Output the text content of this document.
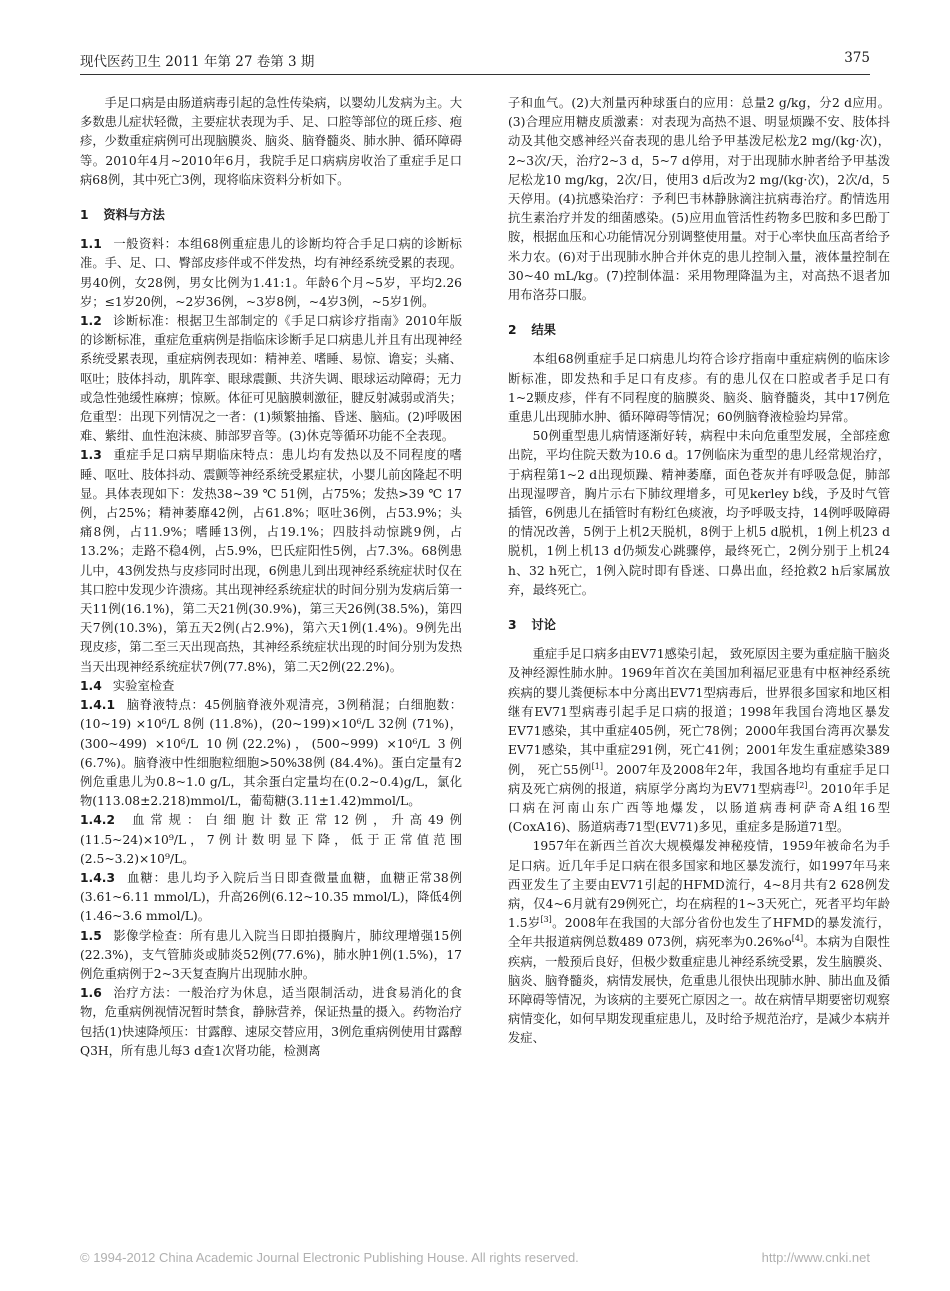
现代医药卫生 2011 年第 27 卷第 3 期	375

手足口病是由肠道病毒引起的急性传染病，以婴幼儿发病为主。大多数患儿症状轻微，主要症状表现为手、足、口腔等部位的斑丘疹、疱疹，少数重症病例可出现脑膜炎、脑炎、脑脊髓炎、肺水肿、循环障碍等。2010年4月~2010年6月，我院手足口病病房收治了重症手足口病68例，其中死亡3例，现将临床资料分析如下。

1 资料与方法

1.1 一般资料：本组68例重症患儿的诊断均符合手足口病的诊断标准。手、足、口、臀部皮疹伴或不伴发热，均有神经系统受累的表现。男40例，女28例，男女比例为1.41:1。年龄6个月~5岁，平均2.26岁；≤1岁20例，~2岁36例，~3岁8例，~4岁3例，~5岁1例。

1.2 诊断标准：根据卫生部制定的《手足口病诊疗指南》2010年版的诊断标准，重症危重病例是指临床诊断手足口病患儿并且有出现神经系统受累表现，重症病例表现如：精神差、嗜睡、易惊、谵妄；头痛、呕吐；肢体抖动，肌阵挛、眼球震颤、共济失调、眼球运动障碍；无力或急性弛缓性麻痹；惊厥。体征可见脑膜刺激征，腱反射减弱或消失；危重型：出现下列情况之一者：(1)频繁抽搐、昏迷、脑疝。(2)呼吸困难、紫绀、血性泡沫痰、肺部罗音等。(3)休克等循环功能不全表现。

1.3 重症手足口病早期临床特点：患儿均有发热以及不同程度的嗜睡、呕吐、肢体抖动、震颤等神经系统受累症状，小婴儿前囟隆起不明显。具体表现如下：发热38~39 ℃ 51例，占75%；发热>39 ℃ 17例，占25%；精神萎靡42例，占61.8%；呕吐36例，占53.9%；头痛8例，占11.9%；嗜睡13例，占19.1%；四肢抖动惊跳9例，占13.2%；走路不稳4例，占5.9%，巴氏症阳性5例，占7.3%。68例患儿中，43例发热与皮疹同时出现，6例患儿到出现神经系统症状时仅在其口腔中发现少许溃疡。其出现神经系统症状的时间分别为发病后第一天11例(16.1%)，第二天21例(30.9%)，第三天26例(38.5%)，第四天7例(10.3%)，第五天2例(占2.9%)，第六天1例(1.4%)。9例先出现皮疹，第二至三天出现高热，其神经系统症状出现的时间分别为发热当天出现神经系统症状7例(77.8%)，第二天2例(22.2%)。

1.4 实验室检查

1.4.1 脑脊液特点：45例脑脊液外观清亮，3例稍混；白细胞数：(10~19) ×10⁶/L 8例 (11.8%)，(20~199)×10⁶/L 32例 (71%)，(300~499) ×10⁶/L 10例(22.2%)，(500~999) ×10⁶/L 3例(6.7%)。脑脊液中性细胞粒细胞>50%38例 (84.4%)。蛋白定量有2例危重患儿为0.8~1.0 g/L，其余蛋白定量均在(0.2~0.4)g/L，氯化物(113.08±2.218)mmol/L，葡萄糖(3.11±1.42)mmol/L。

1.4.2 血常规：白细胞计数正常12例，升高49例(11.5~24)×10⁹/L，7例计数明显下降，低于正常值范围(2.5~3.2)×10⁹/L。

1.4.3 血糖：患儿均予入院后当日即查微量血糖，血糖正常38例(3.61~6.11 mmol/L)，升高26例(6.12~10.35 mmol/L)，降低4例(1.46~3.6 mmol/L)。

1.5 影像学检查：所有患儿入院当日即拍摄胸片，肺纹理增强15例(22.3%)，支气管肺炎或肺炎52例(77.6%)，肺水肿1例(1.5%)，17例危重病例于2~3天复查胸片出现肺水肿。

1.6 治疗方法：一般治疗为休息，适当限制活动，进食易消化的食物，危重病例视情况暂时禁食，静脉营养，保证热量的摄入。药物治疗包括(1)快速降颅压：甘露醇、速尿交替应用，3例危重病例使用甘露醇Q3H，所有患儿每3 d查1次肾功能，检测离

子和血气。(2)大剂量丙种球蛋白的应用：总量2 g/kg，分2 d应用。(3)合理应用糖皮质激素：对表现为高热不退、明显烦躁不安、肢体抖动及其他交感神经兴奋表现的患儿给予甲基泼尼松龙2 mg/(kg·次)，2~3次/天，治疗2~3 d，5~7 d停用，对于出现肺水肿者给予甲基泼尼松龙10 mg/kg，2次/日，使用3 d后改为2 mg/(kg·次)，2次/d，5天停用。(4)抗感染治疗：予利巴韦林静脉滴注抗病毒治疗。酌情选用抗生素治疗并发的细菌感染。(5)应用血管活性药物多巴胺和多巴酚丁胺，根据血压和心功能情况分别调整使用量。对于心率快血压高者给予米力农。(6)对于出现肺水肿合并休克的患儿控制入量，液体量控制在30~40 mL/kg。(7)控制体温：采用物理降温为主，对高热不退者加用布洛芬口服。

2 结果

本组68例重症手足口病患儿均符合诊疗指南中重症病例的临床诊断标准，即发热和手足口有皮疹。有的患儿仅在口腔或者手足口有1~2颗皮疹，伴有不同程度的脑膜炎、脑炎、脑脊髓炎，其中17例危重患儿出现肺水肿、循环障碍等情况；60例脑脊液检验均异常。

50例重型患儿病情逐渐好转，病程中未向危重型发展，全部痊愈出院，平均住院天数为10.6 d。17例临床为重型的患儿经常规治疗，于病程第1~2 d出现烦躁、精神萎靡，面色苍灰并有呼吸急促，肺部出现湿啰音，胸片示右下肺纹理增多，可见kerley b线，予及时气管插管，6例患儿在插管时有粉红色痰液，均予呼吸支持，14例呼吸障碍的情况改善，5例于上机2天脱机，8例于上机5 d脱机，1例上机23 d脱机，1例上机13 d仍频发心跳骤停，最终死亡，2例分别于上机24 h、32 h死亡，1例入院时即有昏迷、口鼻出血，经抢救2 h后家属放弃，最终死亡。

3 讨论

重症手足口病多由EV71感染引起， 致死原因主要为重症脑干脑炎及神经源性肺水肿。1969年首次在美国加利福尼亚患有中枢神经系统疾病的婴儿粪便标本中分离出EV71型病毒后，世界很多国家和地区相继有EV71型病毒引起手足口病的报道；1998年我国台湾地区暴发EV71感染，其中重症405例，死亡78例；2000年我国台湾再次暴发EV71感染，其中重症291例，死亡41例；2001年发生重症感染389例， 死亡55例[1]。2007年及2008年2年，我国各地均有重症手足口病及死亡病例的报道，病原学分离均为EV71型病毒[2]。2010年手足口病在河南山东广西等地爆发，以肠道病毒柯萨奇A组16型(CoxA16)、肠道病毒71型(EV71)多见，重症多是肠道71型。

1957年在新西兰首次大规模爆发神秘疫情，1959年被命名为手足口病。近几年手足口病在很多国家和地区暴发流行，如1997年马来西亚发生了主要由EV71引起的HFMD流行，4~8月共有2 628例发病，仅4~6月就有29例死亡，均在病程的1~3天死亡，死者平均年龄1.5岁[3]。2008年在我国的大部分省份也发生了HFMD的暴发流行，全年共报道病例总数489 073例，病死率为0.26%o[4]。本病为自限性疾病，一般预后良好，但极少数重症患儿神经系统受累，发生脑膜炎、脑炎、脑脊髓炎，病情发展快，危重患儿很快出现肺水肿、肺出血及循环障碍等情况，为该病的主要死亡原因之一。故在病情早期要密切观察病情变化，如何早期发现重症患儿，及时给予规范治疗，是减少本病并发症、

© 1994-2012 China Academic Journal Electronic Publishing House. All rights reserved.	http://www.cnki.net
